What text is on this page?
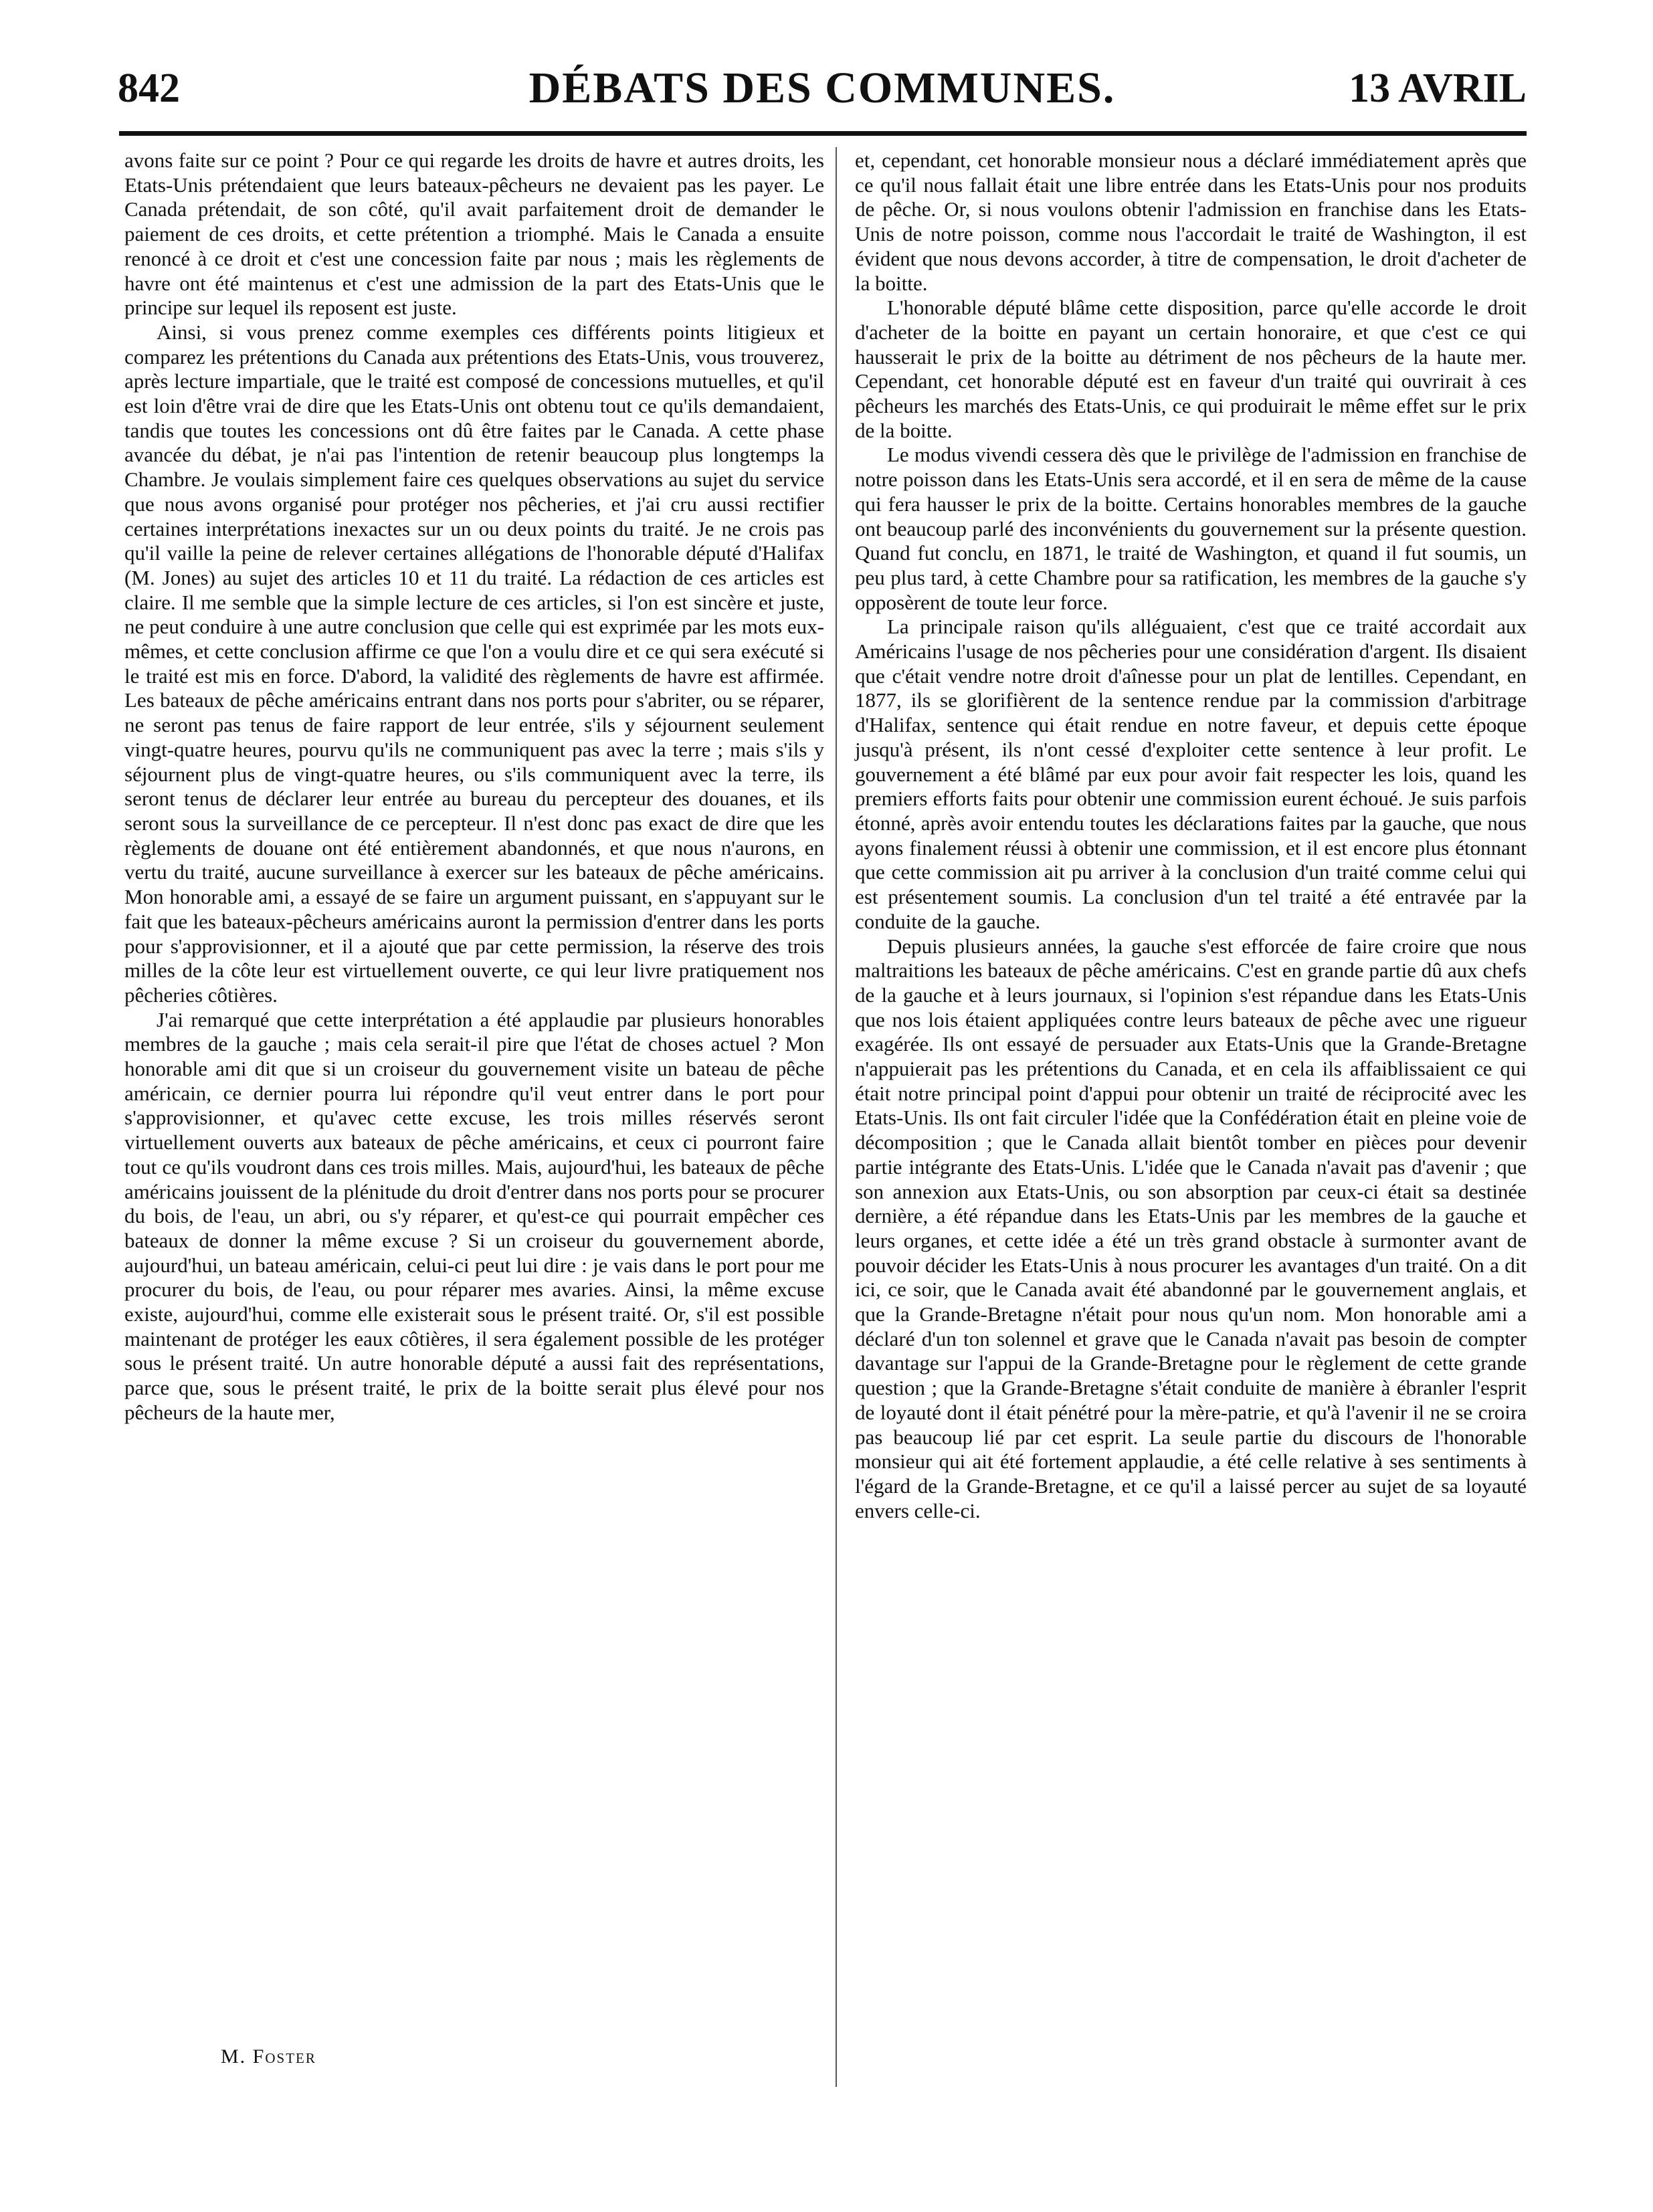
842	DÉBATS DES COMMUNES.	13 AVRIL

avons faite sur ce point ? Pour ce qui regarde les droits de havre et autres droits, les Etats-Unis prétendaient que leurs bateaux-pêcheurs ne devaient pas les payer. Le Canada prétendait, de son côté, qu'il avait parfaitement droit de demander le paiement de ces droits, et cette prétention a triomphé. Mais le Canada a ensuite renoncé à ce droit et c'est une concession faite par nous ; mais les règlements de havre ont été maintenus et c'est une admission de la part des Etats-Unis que le principe sur lequel ils reposent est juste.

Ainsi, si vous prenez comme exemples ces différents points litigieux et comparez les prétentions du Canada aux prétentions des Etats-Unis, vous trouverez, après lecture impartiale, que le traité est composé de concessions mutuelles, et qu'il est loin d'être vrai de dire que les Etats-Unis ont obtenu tout ce qu'ils demandaient, tandis que toutes les concessions ont dû être faites par le Canada. A cette phase avancée du débat, je n'ai pas l'intention de retenir beaucoup plus longtemps la Chambre. Je voulais simplement faire ces quelques observations au sujet du service que nous avons organisé pour protéger nos pêcheries, et j'ai cru aussi rectifier certaines interprétations inexactes sur un ou deux points du traité. Je ne crois pas qu'il vaille la peine de relever certaines allégations de l'honorable député d'Halifax (M. Jones) au sujet des articles 10 et 11 du traité. La rédaction de ces articles est claire. Il me semble que la simple lecture de ces articles, si l'on est sincère et juste, ne peut conduire à une autre conclusion que celle qui est exprimée par les mots eux-mêmes, et cette conclusion affirme ce que l'on a voulu dire et ce qui sera exécuté si le traité est mis en force. D'abord, la validité des règlements de havre est affirmée. Les bateaux de pêche américains entrant dans nos ports pour s'abriter, ou se réparer, ne seront pas tenus de faire rapport de leur entrée, s'ils y séjournent seulement vingt-quatre heures, pourvu qu'ils ne communiquent pas avec la terre ; mais s'ils y séjournent plus de vingt-quatre heures, ou s'ils communiquent avec la terre, ils seront tenus de déclarer leur entrée au bureau du percepteur des douanes, et ils seront sous la surveillance de ce percepteur. Il n'est donc pas exact de dire que les règlements de douane ont été entièrement abandonnés, et que nous n'aurons, en vertu du traité, aucune surveillance à exercer sur les bateaux de pêche américains. Mon honorable ami, a essayé de se faire un argument puissant, en s'appuyant sur le fait que les bateaux-pêcheurs américains auront la permission d'entrer dans les ports pour s'approvisionner, et il a ajouté que par cette permission, la réserve des trois milles de la côte leur est virtuellement ouverte, ce qui leur livre pratiquement nos pêcheries côtières.

J'ai remarqué que cette interprétation a été applaudie par plusieurs honorables membres de la gauche ; mais cela serait-il pire que l'état de choses actuel ? Mon honorable ami dit que si un croiseur du gouvernement visite un bateau de pêche américain, ce dernier pourra lui répondre qu'il veut entrer dans le port pour s'approvisionner, et qu'avec cette excuse, les trois milles réservés seront virtuellement ouverts aux bateaux de pêche américains, et ceux ci pourront faire tout ce qu'ils voudront dans ces trois milles. Mais, aujourd'hui, les bateaux de pêche américains jouissent de la plénitude du droit d'entrer dans nos ports pour se procurer du bois, de l'eau, un abri, ou s'y réparer, et qu'est-ce qui pourrait empêcher ces bateaux de donner la même excuse ? Si un croiseur du gouvernement aborde, aujourd'hui, un bateau américain, celui-ci peut lui dire : je vais dans le port pour me procurer du bois, de l'eau, ou pour réparer mes avaries. Ainsi, la même excuse existe, aujourd'hui, comme elle existerait sous le présent traité. Or, s'il est possible maintenant de protéger les eaux côtières, il sera également possible de les protéger sous le présent traité. Un autre honorable député a aussi fait des représentations, parce que, sous le présent traité, le prix de la boitte serait plus élevé pour nos pêcheurs de la haute mer,

et, cependant, cet honorable monsieur nous a déclaré immédiatement après que ce qu'il nous fallait était une libre entrée dans les Etats-Unis pour nos produits de pêche. Or, si nous voulons obtenir l'admission en franchise dans les Etats-Unis de notre poisson, comme nous l'accordait le traité de Washington, il est évident que nous devons accorder, à titre de compensation, le droit d'acheter de la boitte.

L'honorable député blâme cette disposition, parce qu'elle accorde le droit d'acheter de la boitte en payant un certain honoraire, et que c'est ce qui hausserait le prix de la boitte au détriment de nos pêcheurs de la haute mer. Cependant, cet honorable député est en faveur d'un traité qui ouvrirait à ces pêcheurs les marchés des Etats-Unis, ce qui produirait le même effet sur le prix de la boitte.

Le modus vivendi cessera dès que le privilège de l'admission en franchise de notre poisson dans les Etats-Unis sera accordé, et il en sera de même de la cause qui fera hausser le prix de la boitte. Certains honorables membres de la gauche ont beaucoup parlé des inconvénients du gouvernement sur la présente question. Quand fut conclu, en 1871, le traité de Washington, et quand il fut soumis, un peu plus tard, à cette Chambre pour sa ratification, les membres de la gauche s'y opposèrent de toute leur force.

La principale raison qu'ils alléguaient, c'est que ce traité accordait aux Américains l'usage de nos pêcheries pour une considération d'argent. Ils disaient que c'était vendre notre droit d'aînesse pour un plat de lentilles. Cependant, en 1877, ils se glorifièrent de la sentence rendue par la commission d'arbitrage d'Halifax, sentence qui était rendue en notre faveur, et depuis cette époque jusqu'à présent, ils n'ont cessé d'exploiter cette sentence à leur profit. Le gouvernement a été blâmé par eux pour avoir fait respecter les lois, quand les premiers efforts faits pour obtenir une commission eurent échoué. Je suis parfois étonné, après avoir entendu toutes les déclarations faites par la gauche, que nous ayons finalement réussi à obtenir une commission, et il est encore plus étonnant que cette commission ait pu arriver à la conclusion d'un traité comme celui qui est présentement soumis. La conclusion d'un tel traité a été entravée par la conduite de la gauche.

Depuis plusieurs années, la gauche s'est efforcée de faire croire que nous maltraitions les bateaux de pêche américains. C'est en grande partie dû aux chefs de la gauche et à leurs journaux, si l'opinion s'est répandue dans les Etats-Unis que nos lois étaient appliquées contre leurs bateaux de pêche avec une rigueur exagérée. Ils ont essayé de persuader aux Etats-Unis que la Grande-Bretagne n'appuierait pas les prétentions du Canada, et en cela ils affaiblissaient ce qui était notre principal point d'appui pour obtenir un traité de réciprocité avec les Etats-Unis. Ils ont fait circuler l'idée que la Confédération était en pleine voie de décomposition ; que le Canada allait bientôt tomber en pièces pour devenir partie intégrante des Etats-Unis. L'idée que le Canada n'avait pas d'avenir ; que son annexion aux Etats-Unis, ou son absorption par ceux-ci était sa destinée dernière, a été répandue dans les Etats-Unis par les membres de la gauche et leurs organes, et cette idée a été un très grand obstacle à surmonter avant de pouvoir décider les Etats-Unis à nous procurer les avantages d'un traité. On a dit ici, ce soir, que le Canada avait été abandonné par le gouvernement anglais, et que la Grande-Bretagne n'était pour nous qu'un nom. Mon honorable ami a déclaré d'un ton solennel et grave que le Canada n'avait pas besoin de compter davantage sur l'appui de la Grande-Bretagne pour le règlement de cette grande question ; que la Grande-Bretagne s'était conduite de manière à ébranler l'esprit de loyauté dont il était pénétré pour la mère-patrie, et qu'à l'avenir il ne se croira pas beaucoup lié par cet esprit. La seule partie du discours de l'honorable monsieur qui ait été fortement applaudie, a été celle relative à ses sentiments à l'égard de la Grande-Bretagne, et ce qu'il a laissé percer au sujet de sa loyauté envers celle-ci.

M. Foster
